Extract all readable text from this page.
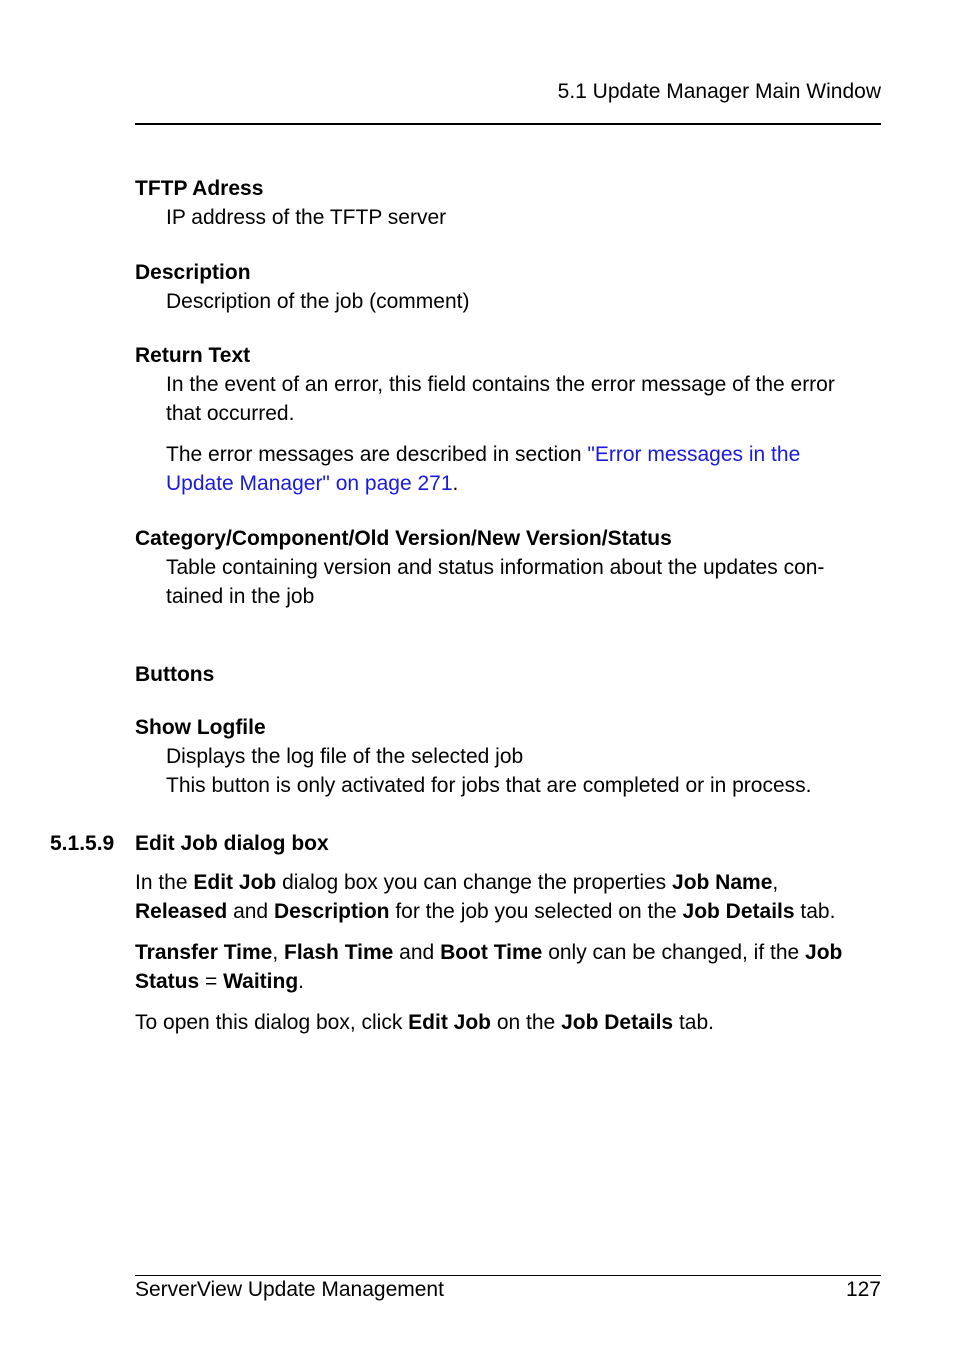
5.1 Update Manager Main Window
TFTP Adress
IP address of the TFTP server
Description
Description of the job (comment)
Return Text
In the event of an error, this field contains the error message of the error
that occurred.
The error messages are described in section "Error messages in the
Update Manager" on page 271.
Category/Component/Old Version/New Version/Status
Table containing version and status information about the updates con-
tained in the job
Buttons
Show Logfile
Displays the log file of the selected job
This button is only activated for jobs that are completed or in process.
5.1.5.9 Edit Job dialog box
In the Edit Job dialog box you can change the properties Job Name,
Released and Description for the job you selected on the Job Details tab.
Transfer Time, Flash Time and Boot Time only can be changed, if the Job
Status = Waiting.
To open this dialog box, click Edit Job on the Job Details tab.
ServerView Update Management	127
